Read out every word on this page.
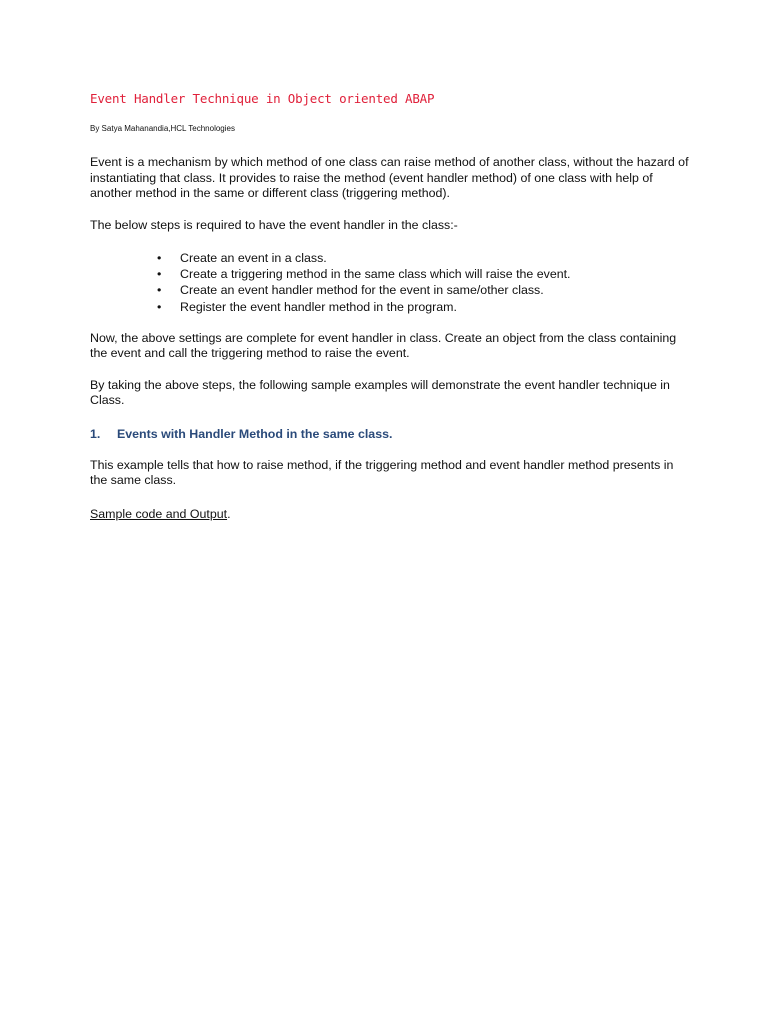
Event Handler Technique in Object oriented ABAP

By Satya Mahanandia,HCL Technologies

Event is a mechanism by which method of one class can raise method of another class, without the hazard of instantiating that class. It provides to raise the method (event handler method) of one class with help of another method in the same or different class (triggering method).

The below steps is required to have the event handler in the class:-

• Create an event in a class.
• Create a triggering method in the same class which will raise the event.
• Create an event handler method for the event in same/other class.
• Register the event handler method in the program.

Now, the above settings are complete for event handler in class. Create an object from the class containing the event and call the triggering method to raise the event.

By taking the above steps, the following sample examples will demonstrate the event handler technique in Class.

1. Events with Handler Method in the same class.

This example tells that how to raise method, if the triggering method and event handler method presents in the same class.

Sample code and Output.
